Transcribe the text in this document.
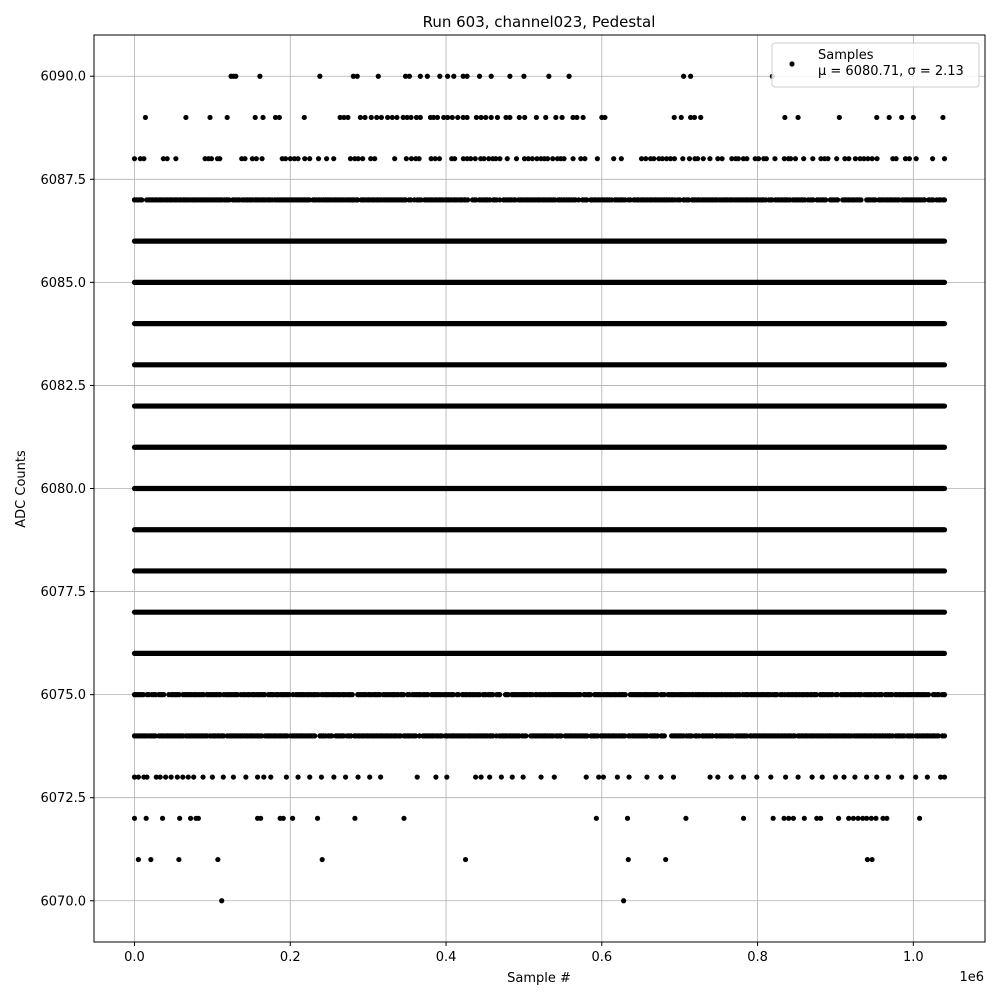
0.0	0.2	0.4	0.6	0.8	1.0
6070.0
6072.5
6075.0
6077.5
6080.0
6082.5
6085.0
6087.5
6090.0
Run 603, channel023, Pedestal
Sample #
ADC Counts
1e6
Samples
μ = 6080.71, σ = 2.13
